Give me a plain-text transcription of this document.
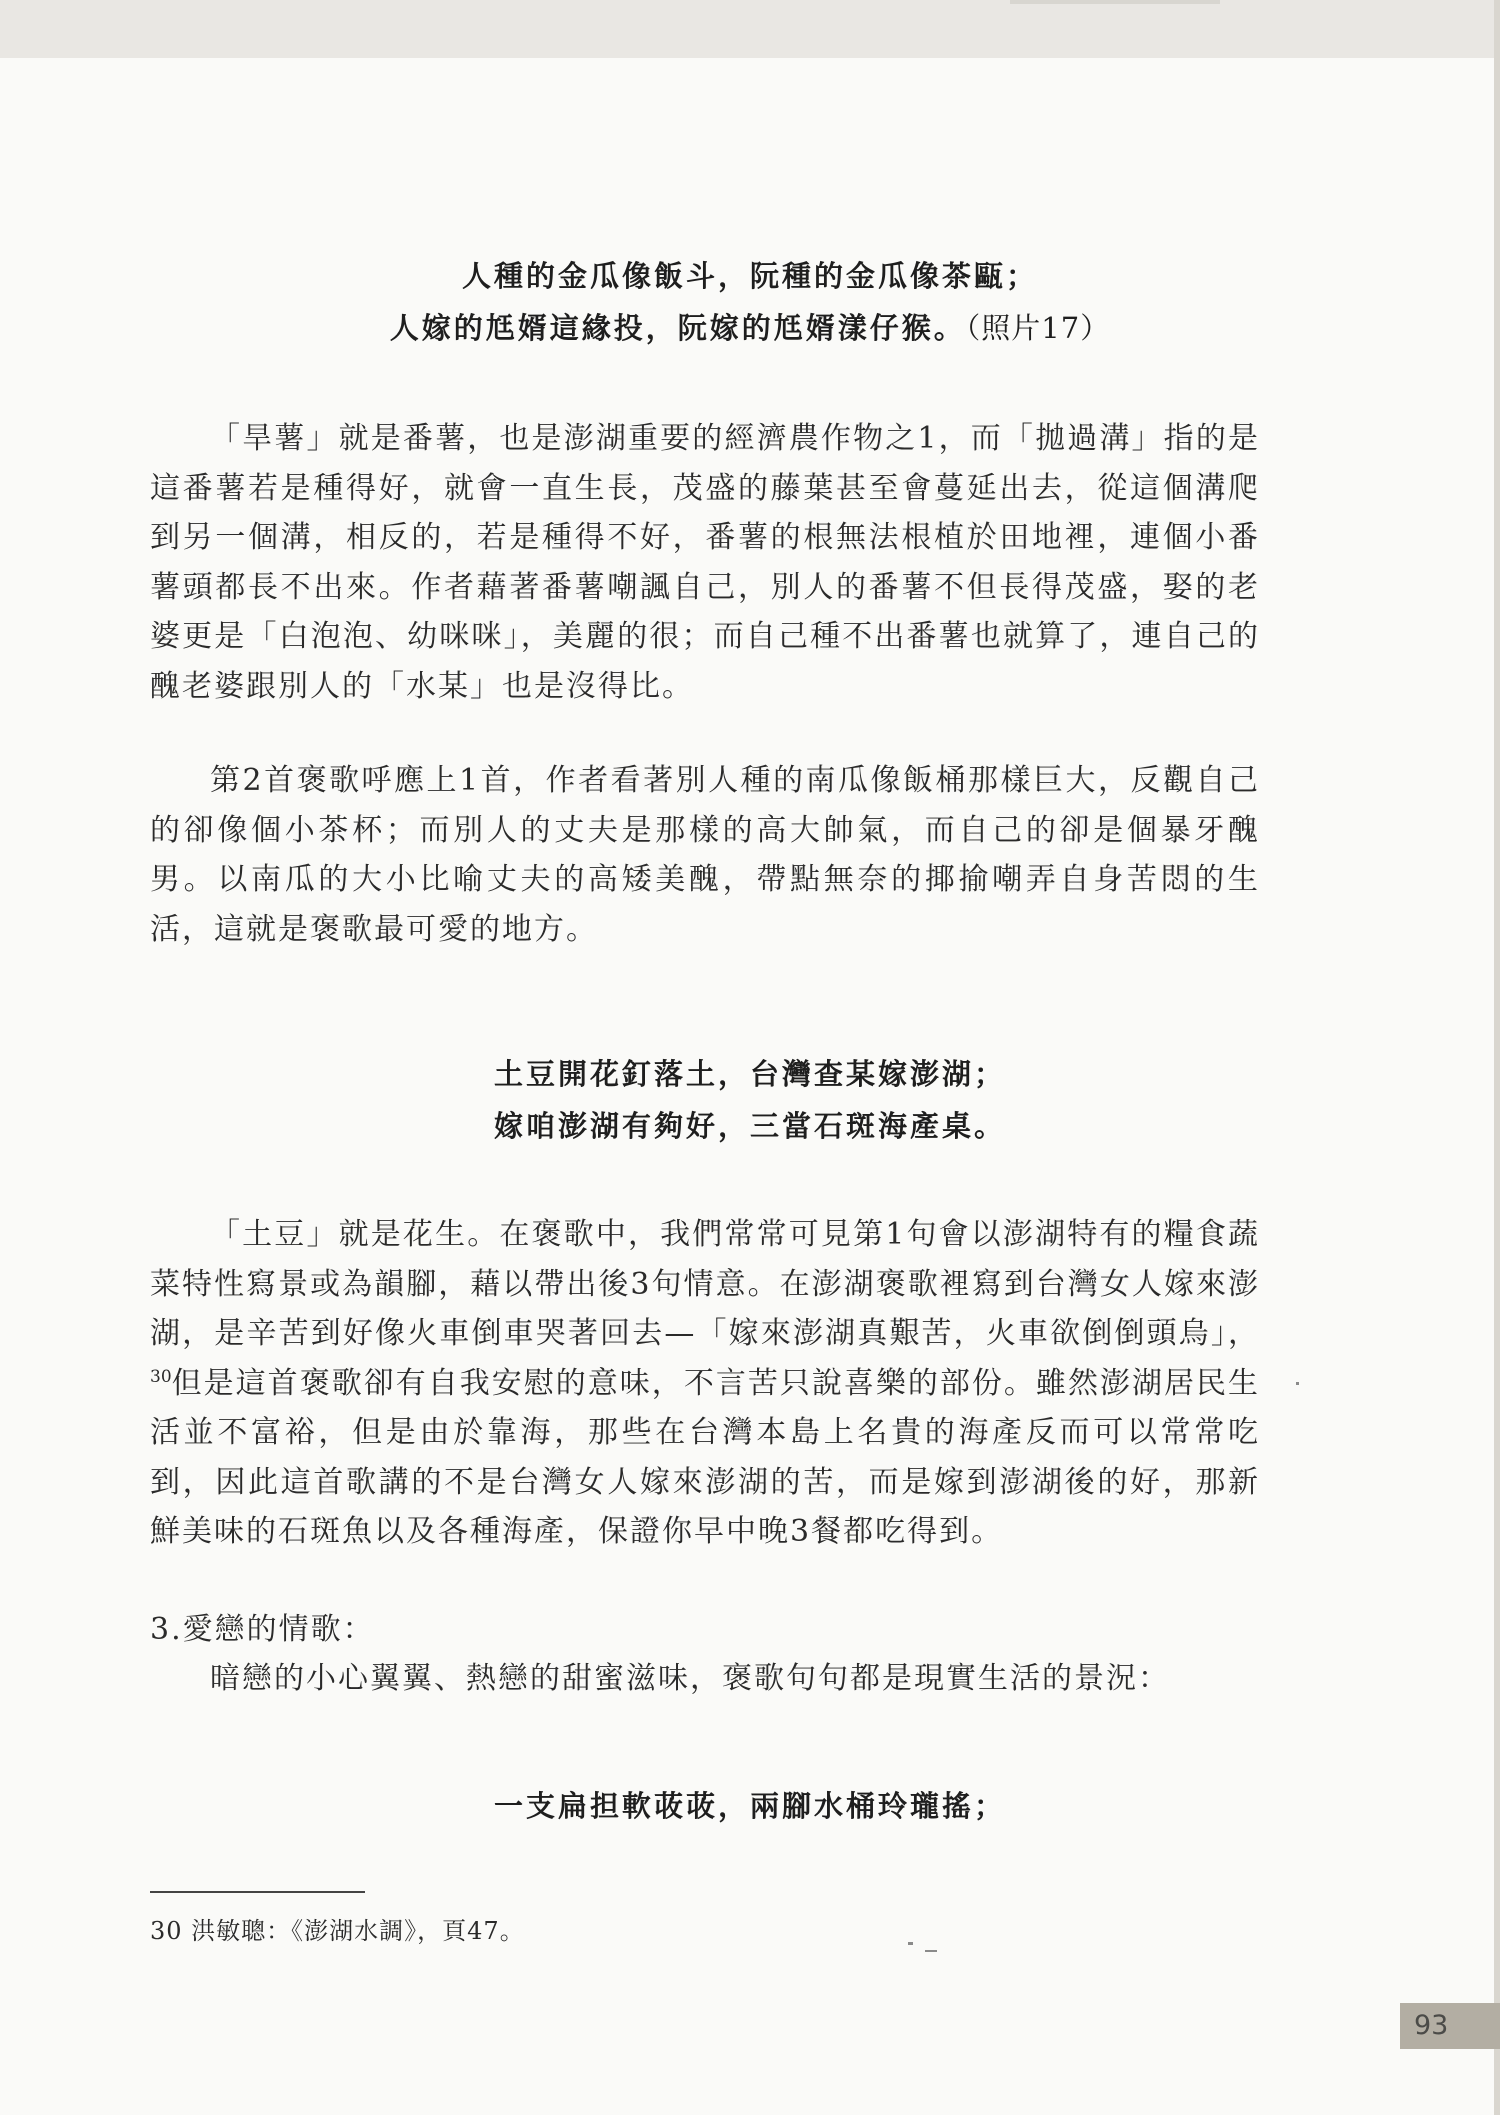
人種的金瓜像飯斗，阮種的金瓜像茶甌；
人嫁的尪婿這緣投，阮嫁的尪婿漾仔猴。（照片17）

「旱薯」就是番薯，也是澎湖重要的經濟農作物之1，而「拋過溝」指的是這番薯若是種得好，就會一直生長，茂盛的藤葉甚至會蔓延出去，從這個溝爬到另一個溝，相反的，若是種得不好，番薯的根無法根植於田地裡，連個小番薯頭都長不出來。作者藉著番薯嘲諷自己，別人的番薯不但長得茂盛，娶的老婆更是「白泡泡、幼咪咪」，美麗的很；而自己種不出番薯也就算了，連自己的醜老婆跟別人的「水某」也是沒得比。

第2首褒歌呼應上1首，作者看著別人種的南瓜像飯桶那樣巨大，反觀自己的卻像個小茶杯；而別人的丈夫是那樣的高大帥氣，而自己的卻是個暴牙醜男。以南瓜的大小比喻丈夫的高矮美醜，帶點無奈的揶揄嘲弄自身苦悶的生活，這就是褒歌最可愛的地方。

土豆開花釘落土，台灣查某嫁澎湖；
嫁咱澎湖有夠好，三當石斑海產桌。

「土豆」就是花生。在褒歌中，我們常常可見第1句會以澎湖特有的糧食蔬菜特性寫景或為韻腳，藉以帶出後3句情意。在澎湖褒歌裡寫到台灣女人嫁來澎湖，是辛苦到好像火車倒車哭著回去—「嫁來澎湖真艱苦，火車欲倒倒頭烏」，$^{30}$但是這首褒歌卻有自我安慰的意味，不言苦只說喜樂的部份。雖然澎湖居民生活並不富裕，但是由於靠海，那些在台灣本島上名貴的海產反而可以常常吃到，因此這首歌講的不是台灣女人嫁來澎湖的苦，而是嫁到澎湖後的好，那新鮮美味的石斑魚以及各種海產，保證你早中晚3餐都吃得到。

3.愛戀的情歌：

暗戀的小心翼翼、熱戀的甜蜜滋味，褒歌句句都是現實生活的景況：

一支扁担軟荍荍，兩腳水桶玲瓏搖；
30 洪敏聰：《澎湖水調》，頁47。
93
